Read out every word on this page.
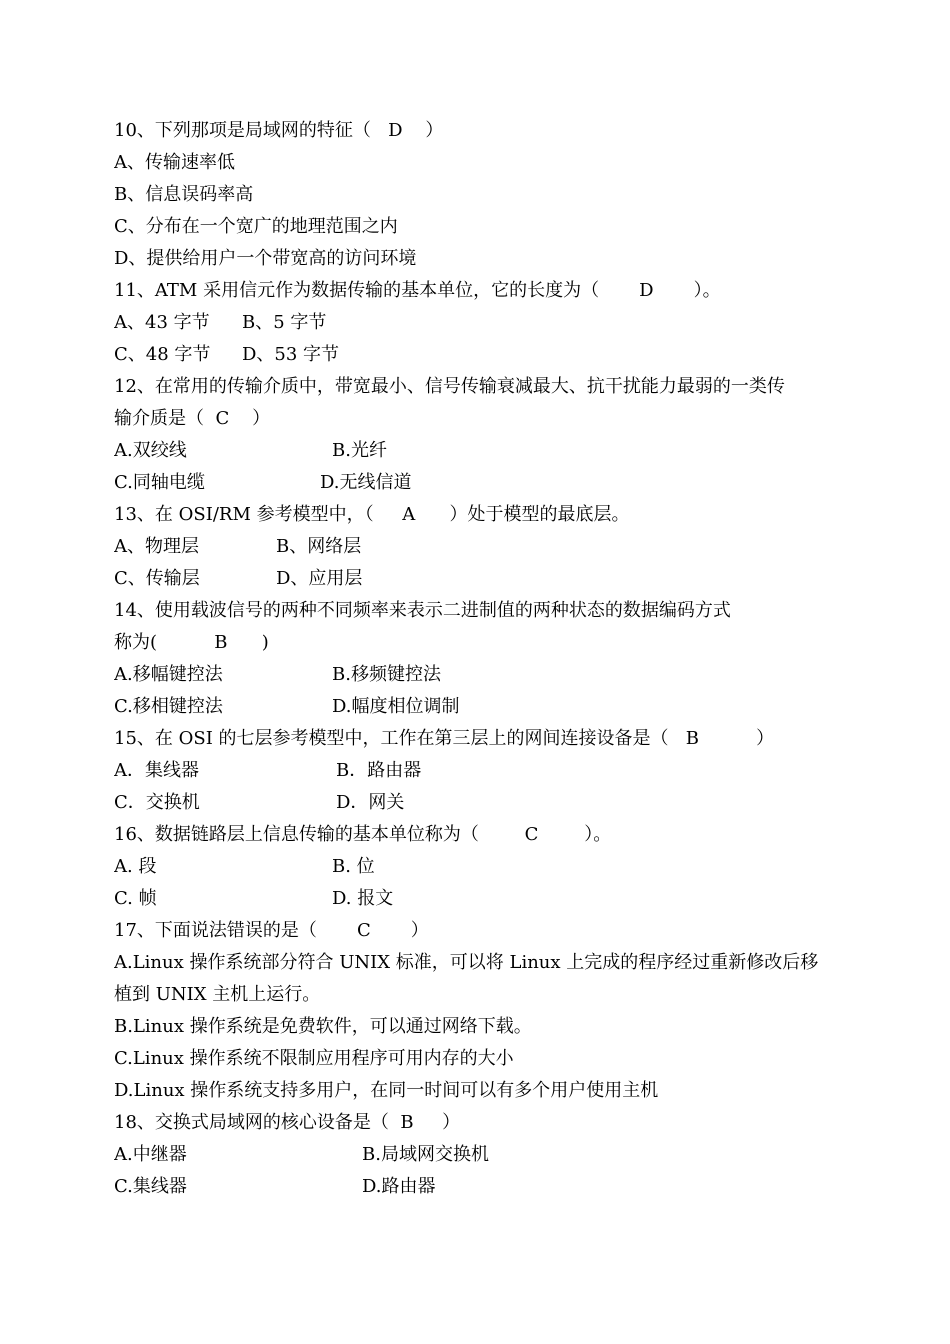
10、下列那项是局域网的特征（   D    ）
A、传输速率低
B、信息误码率高
C、分布在一个宽广的地理范围之内
D、提供给用户一个带宽高的访问环境
11、ATM 采用信元作为数据传输的基本单位，它的长度为（       D       ）。
A、43 字节	B、5 字节
C、48 字节	D、53 字节
12、在常用的传输介质中，带宽最小、信号传输衰减最大、抗干扰能力最弱的一类传
输介质是（  C    ）
A.双绞线	B.光纤
C.同轴电缆	D.无线信道
13、在 OSI/RM 参考模型中，（     A      ）处于模型的最底层。
A、物理层	B、网络层
C、传输层	D、应用层
14、使用载波信号的两种不同频率来表示二进制值的两种状态的数据编码方式
称为(          B      )
A.移幅键控法	B.移频键控法
C.移相键控法	D.幅度相位调制
15、在 OSI 的七层参考模型中，工作在第三层上的网间连接设备是（   B          ）
A．集线器	B．路由器
C．交换机	D．网关
16、数据链路层上信息传输的基本单位称为（        C        ）。
A. 段	B. 位
C. 帧	D. 报文
17、下面说法错误的是（       C       ）
A.Linux 操作系统部分符合 UNIX 标准，可以将 Linux 上完成的程序经过重新修改后移
植到 UNIX 主机上运行。
B.Linux 操作系统是免费软件，可以通过网络下载。
C.Linux 操作系统不限制应用程序可用内存的大小
D.Linux 操作系统支持多用户，在同一时间可以有多个用户使用主机
18、交换式局域网的核心设备是（  B     ）
A.中继器	B.局域网交换机
C.集线器	D.路由器
